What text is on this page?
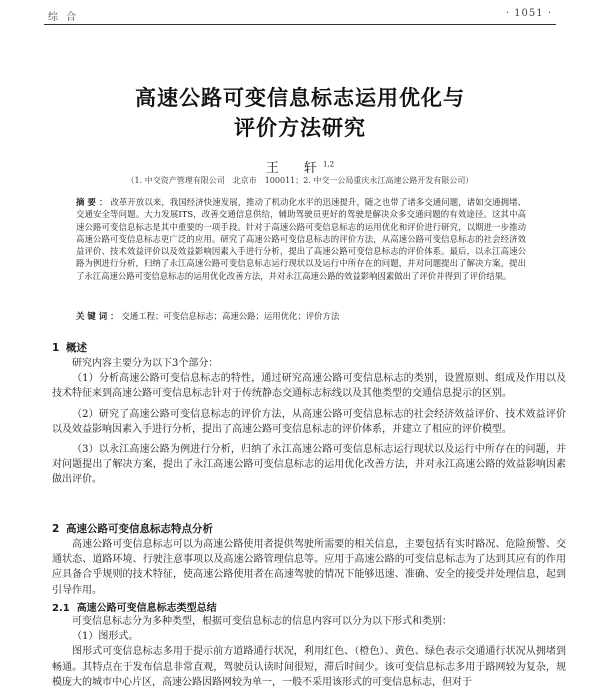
综合	· 1051 ·
高速公路可变信息标志运用优化与
评价方法研究
王　轩$^{1,2}$
（1. 中交资产管理有限公司　北京市　100011；2. 中交一公局重庆永江高速公路开发有限公司）
摘要：改革开放以来，我国经济快速发展，推动了机动化水平的迅速提升，随之也带了诸多交通问题，诸如交通拥堵、交通安全等问题。大力发展ITS，改善交通信息供给，辅助驾驶员更好的驾驶是解决众多交通问题的有效途径。这其中高速公路可变信息标志是其中重要的一项手段。针对于高速公路可变信息标志的运用优化和评价进行研究，以期进一步推动高速公路可变信息标志更广泛的应用。研究了高速公路可变信息标志的评价方法，从高速公路可变信息标志的社会经济效益评价、技术效益评价以及效益影响因素入手进行分析，提出了高速公路可变信息标志的评价体系。最后，以永江高速公路为例进行分析，归纳了永江高速公路可变信息标志运行现状以及运行中所存在的问题，并对问题提出了解决方案，提出了永江高速公路可变信息标志的运用优化改善方法，并对永江高速公路的效益影响因素做出了评价并得到了评价结果。
关键词：交通工程；可变信息标志；高速公路；运用优化；评价方法
1 概述

研究内容主要分为以下3个部分：

（1）分析高速公路可变信息标志的特性，通过研究高速公路可变信息标志的类别，设置原则、组成及作用以及技术特征来到高速公路可变信息标志针对于传统静态交通标志标线以及其他类型的交通信息提示的区别。

（2）研究了高速公路可变信息标志的评价方法，从高速公路可变信息标志的社会经济效益评价、技术效益评价以及效益影响因素入手进行分析，提出了高速公路可变信息标志的评价体系，并建立了相应的评价模型。

（3）以永江高速公路为例进行分析，归纳了永江高速公路可变信息标志运行现状以及运行中所存在的问题，并对问题提出了解决方案，提出了永江高速公路可变信息标志的运用优化改善方法，并对永江高速公路的效益影响因素做出评价。

2 高速公路可变信息标志特点分析

高速公路可变信息标志可以为高速公路使用者提供驾驶所需要的相关信息，主要包括有实时路况、危险预警、交通状态、道路环境、行驶注意事项以及高速公路管理信息等。应用于高速公路的可变信息标志为了达到其应有的作用应具备合乎规则的技术特征，使高速公路使用者在高速驾驶的情况下能够迅速、准确、安全的接受并处理信息，起到引导作用。

2.1 高速公路可变信息标志类型总结

可变信息标志分为多种类型，根据可变信息标志的信息内容可以分为以下形式和类别：

（1）图形式。

图形式可变信息标志多用于提示前方道路通行状况，利用红色、（橙色）、黄色、绿色表示交通通行状况从拥堵到畅通。其特点在于发布信息非常直观，驾驶员认读时间很短，滞后时间少。该可变信息标志多用于路网较为复杂，规模庞大的城市中心片区，高速公路因路网较为单一，一般不采用该形式的可变信息标志，但对于
